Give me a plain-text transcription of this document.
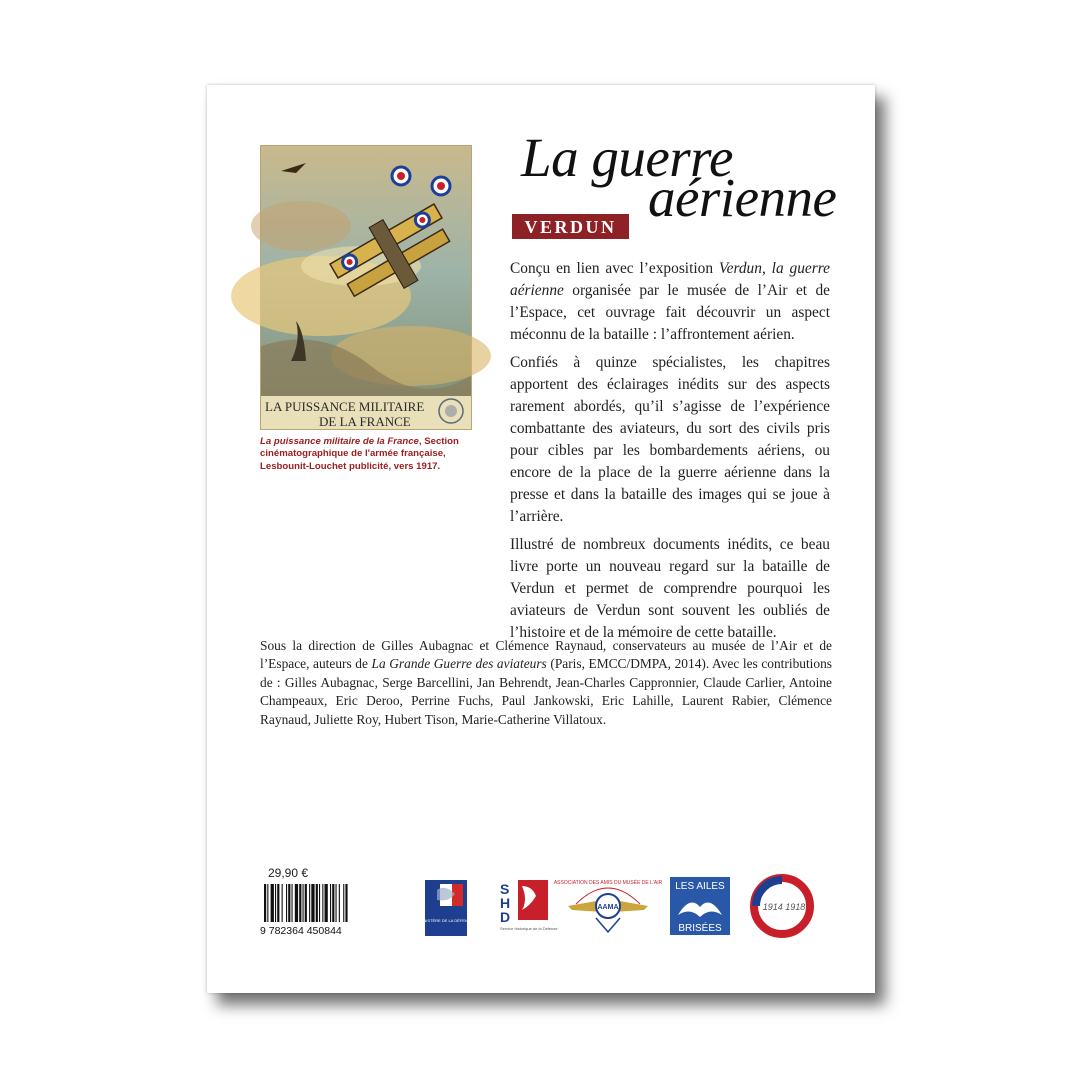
LA PUISSANCE MILITAIRE
DE LA FRANCE
La puissance militaire de la France, Section cinématographique de l'armée française, Lesbounit-Louchet publicité, vers 1917.
La guerre
aérienne
VERDUN

Conçu en lien avec l’exposition Verdun, la guerre aérienne organisée par le musée de l’Air et de l’Espace, cet ouvrage fait découvrir un aspect méconnu de la bataille : l’affrontement aérien.

Confiés à quinze spécialistes, les chapitres apportent des éclairages inédits sur des aspects rarement abordés, qu’il s’agisse de l’expérience combattante des aviateurs, du sort des civils pris pour cibles par les bombardements aériens, ou encore de la place de la guerre aérienne dans la presse et dans la bataille des images qui se joue à l’arrière.

Illustré de nombreux documents inédits, ce beau livre porte un nouveau regard sur la bataille de Verdun et permet de comprendre pourquoi les aviateurs de Verdun sont souvent les oubliés de l’histoire et de la mémoire de cette bataille.

Sous la direction de Gilles Aubagnac et Clémence Raynaud, conservateurs au musée de l’Air et de l’Espace, auteurs de La Grande Guerre des aviateurs (Paris, EMCC/DMPA, 2014). Avec les contributions de : Gilles Aubagnac, Serge Barcellini, Jan Behrendt, Jean-Charles Cappronnier, Claude Carlier, Antoine Champeaux, Eric Deroo, Perrine Fuchs, Paul Jankowski, Eric Lahille, Laurent Rabier, Clémence Raynaud, Juliette Roy, Hubert Tison, Marie-Catherine Villatoux.
29,90 €
9 782364 450844
MINISTÈRE DE LA DÉFENSE
S
H
D
Service historique de la Défense
ASSOCIATION DES AMIS DU MUSÉE DE L'AIR
AAMA
LES AILES
BRISÉES
1914 1918
